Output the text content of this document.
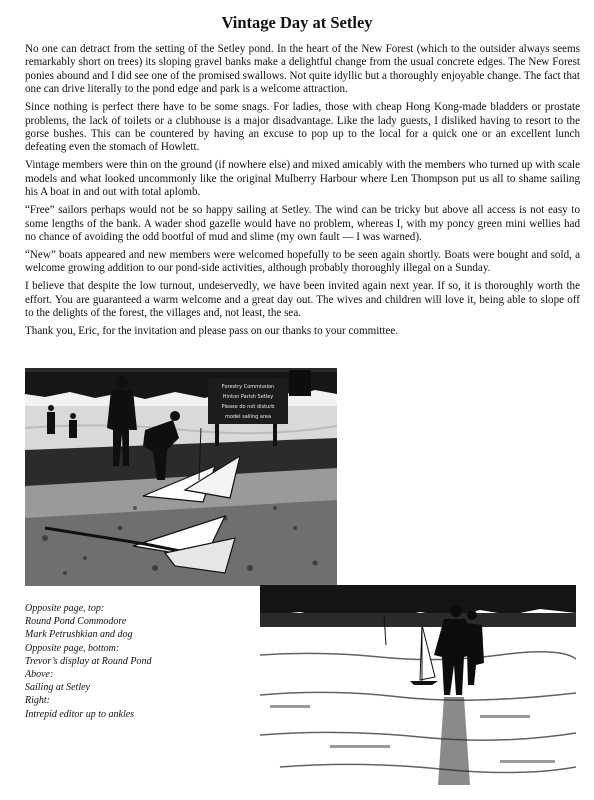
Vintage Day at Setley

No one can detract from the setting of the Setley pond. In the heart of the New Forest (which to the outsider always seems remarkably short on trees) its sloping gravel banks make a delightful change from the usual concrete edges. The New Forest ponies abound and I did see one of the promised swallows. Not quite idyllic but a thoroughly enjoyable change. The fact that one can drive literally to the pond edge and park is a welcome attraction.

Since nothing is perfect there have to be some snags. For ladies, those with cheap Hong Kong-made bladders or prostate problems, the lack of toilets or a clubhouse is a major disadvantage. Like the lady guests, I disliked having to resort to the gorse bushes. This can be countered by having an excuse to pop up to the local for a quick one or an excellent lunch defeating even the stomach of Howlett.

Vintage members were thin on the ground (if nowhere else) and mixed amicably with the members who turned up with scale models and what looked uncommonly like the original Mulberry Harbour where Len Thompson put us all to shame sailing his A boat in and out with total aplomb.

“Free” sailors perhaps would not be so happy sailing at Setley. The wind can be tricky but above all access is not easy to some lengths of the bank. A wader shod gazelle would have no problem, whereas I, with my poncy green mini wellies had no chance of avoiding the odd bootful of mud and slime (my own fault — I was warned).

“New” boats appeared and new members were welcomed hopefully to be seen again shortly. Boats were bought and sold, a welcome growing addition to our pond-side activities, although probably thoroughly illegal on a Sunday.

I believe that despite the low turnout, undeservedly, we have been invited again next year. If so, it is thoroughly worth the effort. You are guaranteed a warm welcome and a great day out. The wives and children will love it, being able to slope off to the delights of the forest, the villages and, not least, the sea.

Thank you, Eric, for the invitation and please pass on our thanks to your committee.

Forestry Commission
Hinton Parish Setley
Please do not disturb
model sailing area
Opposite page, top:
Round Pond Commodore
Mark Petrushkian and dog
Opposite page, bottom:
Trevor’s display at Round Pond
Above:
Sailing at Setley
Right:
Intrepid editor up to ankles
